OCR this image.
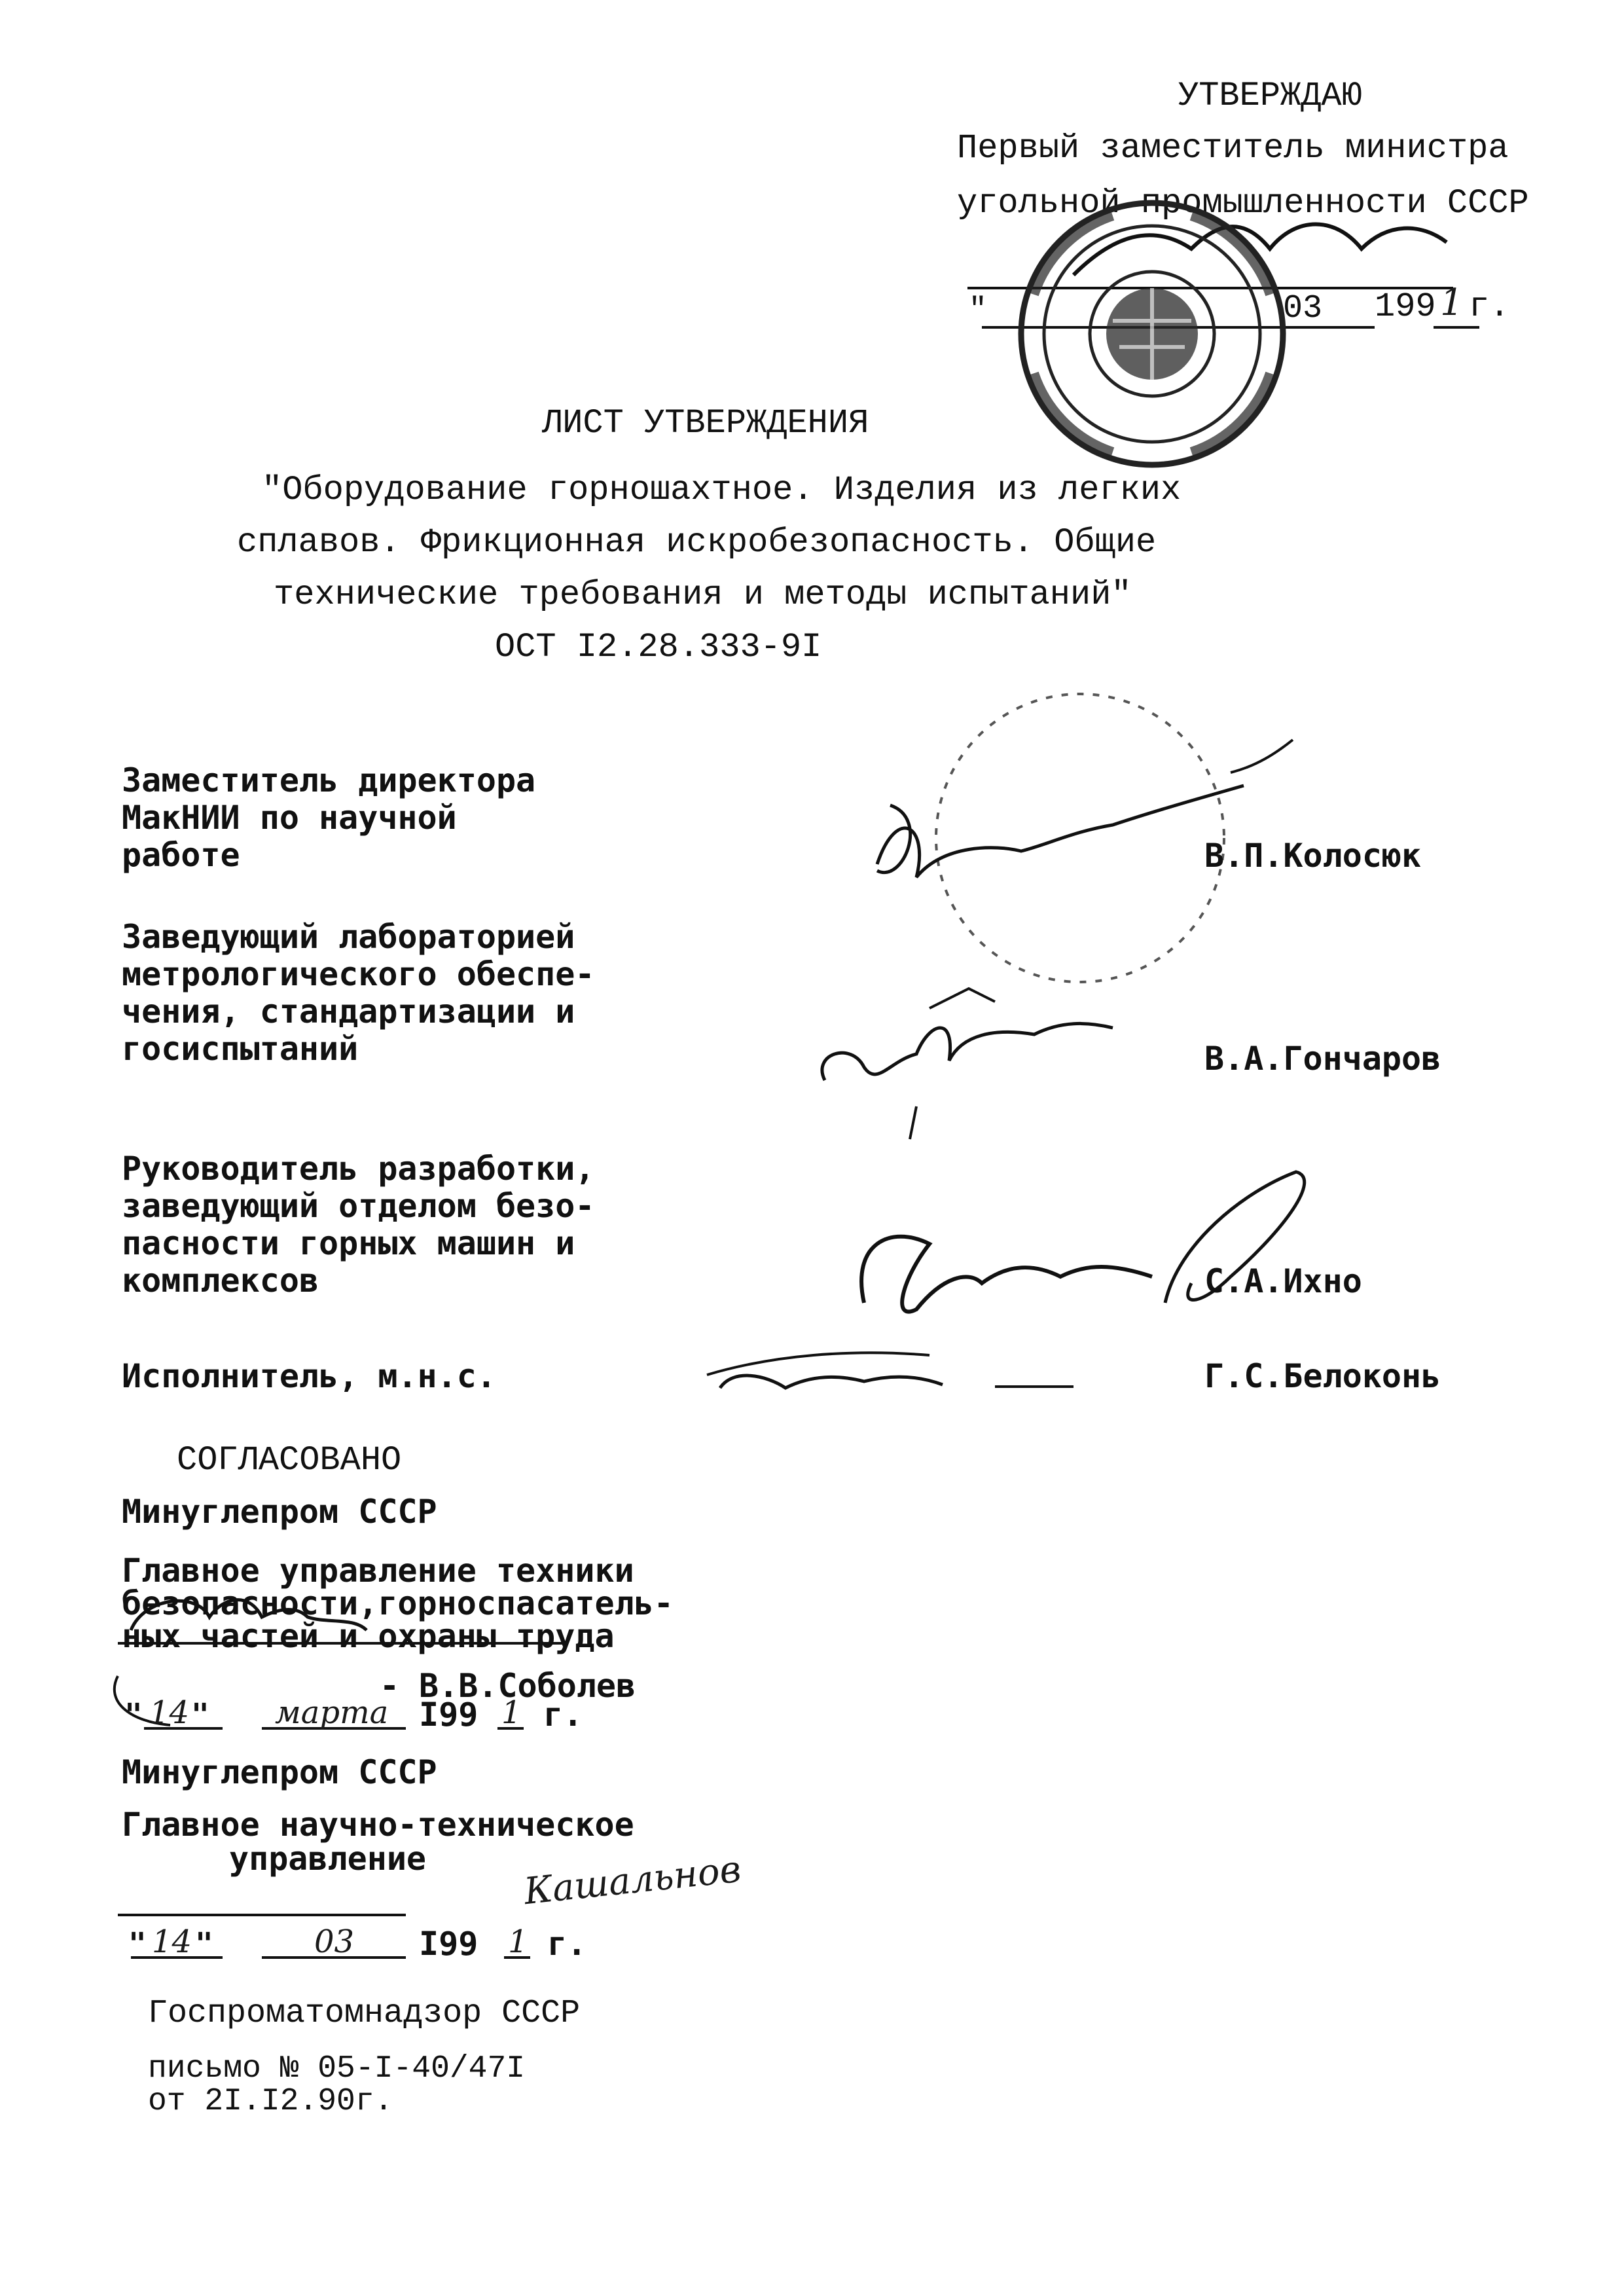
УТВЕРЖДАЮ
Первый заместитель министра
угольной промышленности СССР
"	03 199 1 г.
ЛИСТ УТВЕРЖДЕНИЯ
"Оборудование горношахтное. Изделия из легких
сплавов. Фрикционная искробезопасность. Общие
технические требования и методы испытаний"
ОСТ I2.28.333-9I
Заместитель директора
МакНИИ по научной
работе	В.П.Колосюк
Заведующий лабораторией
метрологического обеспе-
чения, стандартизации и
госиспытаний	В.А.Гончаров
Руководитель разработки,
заведующий отделом безо-
пасности горных машин и
комплексов	С.А.Ихно
Исполнитель, м.н.с.	Г.С.Белоконь
СОГЛАСОВАНО
Минуглепром СССР
Главное управление техники
безопасности,горноспасатель-
ных частей и охраны труда
- В.В.Соболев
" 14 " марта I99 1 г.
Минуглепром СССР
Главное научно-техническое
управление	Кашальнов
" 14 "	03 I99 1 г.
Госпроматомнадзор СССР
письмо № 05-I-40/47I
от 2I.I2.90г.
